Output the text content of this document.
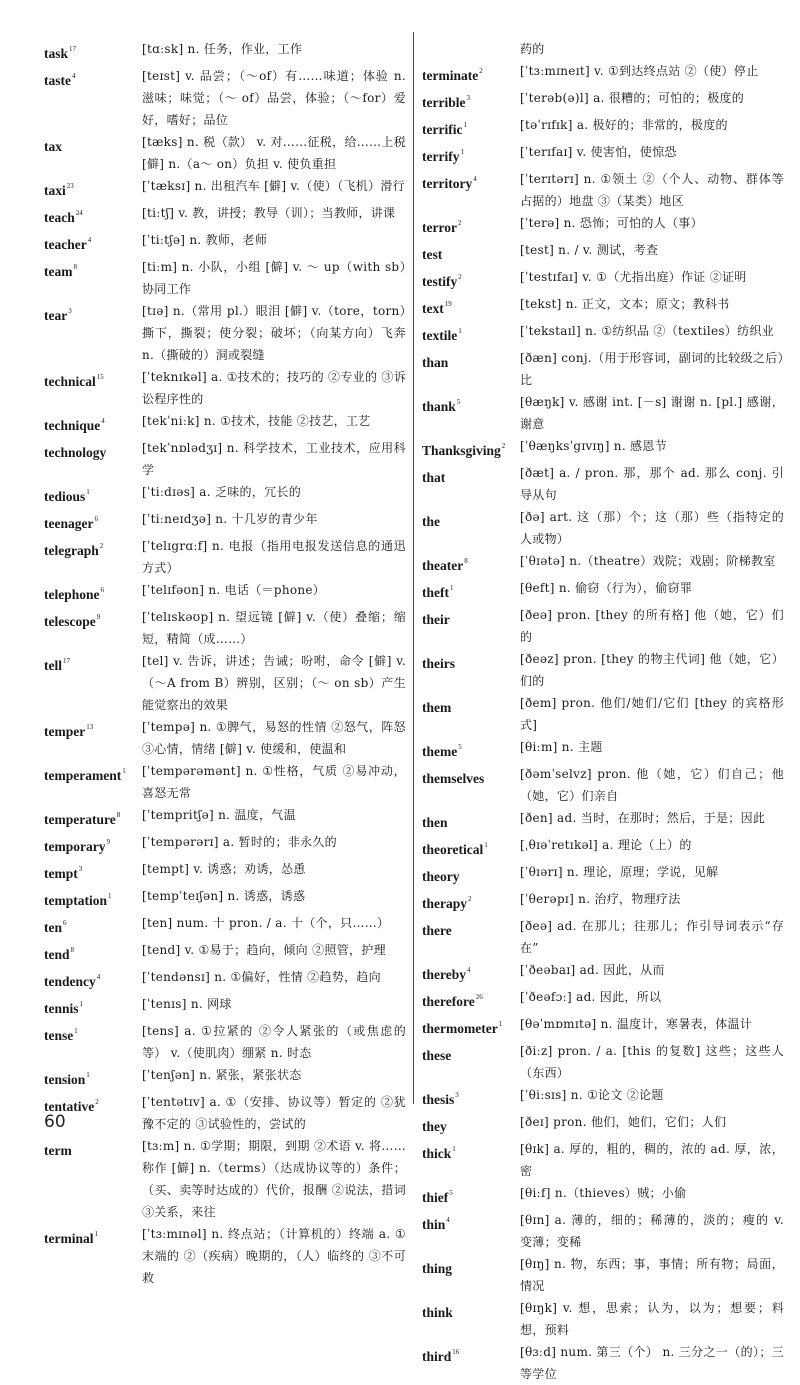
task$^{17}$	[tɑːsk] n. 任务，作业，工作
taste$^4$	[teɪst] v. 品尝；（～of）有……味道；体验 n. 滋味；味觉；（～ of）品尝，体验；（～for）爱好，嗜好；品位
tax	[tæks] n. 税（款） v. 对……征税，给……上税 [僻] n.（a～ on）负担 v. 使负重担
taxi$^{23}$	[ˈtæksɪ] n. 出租汽车 [僻] v.（使）（飞机）滑行
teach$^{24}$	[tiːtʃ] v. 教，讲授；教导（训）；当教师，讲课
teacher$^4$	[ˈtiːtʃə] n. 教师，老师
team$^8$	[tiːm] n. 小队，小组 [僻] v. ～ up（with sb）协同工作
tear$^3$	[tɪə] n.（常用 pl.）眼泪 [僻] v.（tore，torn）撕下，撕裂；使分裂；破坏；（向某方向）飞奔 n.（撕破的）洞或裂缝
technical$^{15}$	[ˈteknɪkəl] a. ①技术的；技巧的 ②专业的 ③诉讼程序性的
technique$^4$	[tekˈniːk] n. ①技术，技能 ②技艺，工艺
technology	[tekˈnɒlədʒɪ] n. 科学技术，工业技术，应用科学
tedious$^1$	[ˈtiːdɪəs] a. 乏味的，冗长的
teenager$^6$	[ˈtiːneɪdʒə] n. 十几岁的青少年
telegraph$^2$	[ˈtelɪgrɑːf] n. 电报（指用电报发送信息的通迅方式）
telephone$^6$	[ˈtelɪfəʊn] n. 电话（＝phone）
telescope$^9$	[ˈtelɪskəʊp] n. 望远镜 [僻] v.（使）叠缩；缩短，精简（成……）
tell$^{17}$	[tel] v. 告诉，讲述；告诫；吩咐，命令 [僻] v.（～A from B）辨别，区别；（～ on sb）产生能觉察出的效果
temper$^{13}$	[ˈtempə] n. ①脾气，易怒的性情 ②怒气，阵怒 ③心情，情绪 [僻] v. 使缓和，使温和
temperament$^1$	[ˈtempərəmənt] n. ①性格，气质 ②易冲动，喜怒无常
temperature$^8$	[ˈtempritʃə] n. 温度，气温
temporary$^9$	[ˈtempərərɪ] a. 暂时的；非永久的
tempt$^3$	[tempt] v. 诱惑；劝诱，怂恿
temptation$^1$	[tempˈteɪʃən] n. 诱惑，诱惑
ten$^6$	[ten] num. 十 pron. / a. 十（个，只……）
tend$^8$	[tend] v. ①易于；趋向，倾向 ②照管，护理
tendency$^4$	[ˈtendənsɪ] n. ①偏好，性情 ②趋势，趋向
tennis$^1$	[ˈtenɪs] n. 网球
tense$^1$	[tens] a. ①拉紧的 ②令人紧张的（或焦虑的等） v.（使肌肉）绷紧 n. 时态
tension$^1$	[ˈtenʃən] n. 紧张，紧张状态
tentative$^2$	[ˈtentətɪv] a. ①（安排、协议等）暂定的 ②犹豫不定的 ③试验性的，尝试的
term	[tɜːm] n. ①学期；期限，到期 ②术语 v. 将……称作 [僻] n.（terms）（达成协议等的）条件；（买、卖等时达成的）代价，报酬 ②说法，措词 ③关系，来往
terminal$^1$	[ˈtɜːmɪnəl] n. 终点站；（计算机的）终端 a. ①末端的 ②（疾病）晚期的，（人）临终的 ③不可救
药的
terminate$^2$	[ˈtɜːmɪneɪt] v. ①到达终点站 ②（使）停止
terrible$^3$	[ˈterəb(ə)l] a. 很糟的；可怕的；极度的
terrific$^1$	[təˈrɪfɪk] a. 极好的；非常的，极度的
terrify$^1$	[ˈterɪfaɪ] v. 使害怕，使惊恐
territory$^4$	[ˈterɪtərɪ] n. ①领土 ②（个人、动物、群体等占据的）地盘 ③（某类）地区
terror$^2$	[ˈterə] n. 恐怖；可怕的人（事）
test	[test] n. / v. 测试，考查
testify$^2$	[ˈtestɪfaɪ] v. ①（尤指出庭）作证 ②证明
text$^{19}$	[tekst] n. 正文，文本；原文；教科书
textile$^1$	[ˈtekstaɪl] n. ①纺织品 ②（textiles）纺织业
than	[ðæn] conj.（用于形容词，副词的比较级之后）比
thank$^5$	[θæŋk] v. 感谢 int. [－s] 谢谢 n. [pl.] 感谢，谢意
Thanksgiving$^2$	[ˈθæŋksˈgɪvɪŋ] n. 感恩节
that	[ðæt] a. / pron. 那，那个 ad. 那么 conj. 引导从句
the	[ðə] art. 这（那）个；这（那）些（指特定的人或物）
theater$^8$	[ˈθɪətə] n.（theatre）戏院；戏剧；阶梯教室
theft$^1$	[θeft] n. 偷窃（行为），偷窃罪
their	[ðeə] pron. [they 的所有格] 他（她，它）们的
theirs	[ðeəz] pron. [they 的物主代词] 他（她，它）们的
them	[ðem] pron. 他们/她们/它们 [they 的宾格形式]
theme$^5$	[θiːm] n. 主题
themselves	[ðəmˈselvz] pron. 他（她，它）们自己；他（她，它）们亲自
then	[ðen] ad. 当时，在那时；然后，于是；因此
theoretical$^1$	[ˌθɪəˈretɪkəl] a. 理论（上）的
theory	[ˈθɪərɪ] n. 理论，原理；学说，见解
therapy$^2$	[ˈθerəpɪ] n. 治疗，物理疗法
there	[ðeə] ad. 在那儿；往那儿；作引导词表示“存在”
thereby$^4$	[ˈðeəbaɪ] ad. 因此，从而
therefore$^{26}$	[ˈðeəfɔː] ad. 因此，所以
thermometer$^1$	[θəˈmɒmɪtə] n. 温度计，寒暑表，体温计
these	[ðiːz] pron. / a. [this 的复数] 这些；这些人（东西）
thesis$^3$	[ˈθiːsɪs] n. ①论文 ②论题
they	[ðeɪ] pron. 他们，她们，它们；人们
thick$^1$	[θɪk] a. 厚的，粗的，稠的，浓的 ad. 厚，浓，密
thief$^5$	[θiːf] n.（thieves）贼；小偷
thin$^4$	[θɪn] a. 薄的，细的；稀薄的，淡的；瘦的 v. 变薄；变稀
thing	[θɪŋ] n. 物，东西；事，事情；所有物；局面，情况
think	[θɪŋk] v. 想，思索；认为，以为；想要；料想，预料
third$^{16}$	[θɜːd] num. 第三（个） n. 三分之一（的）；三等学位
60
